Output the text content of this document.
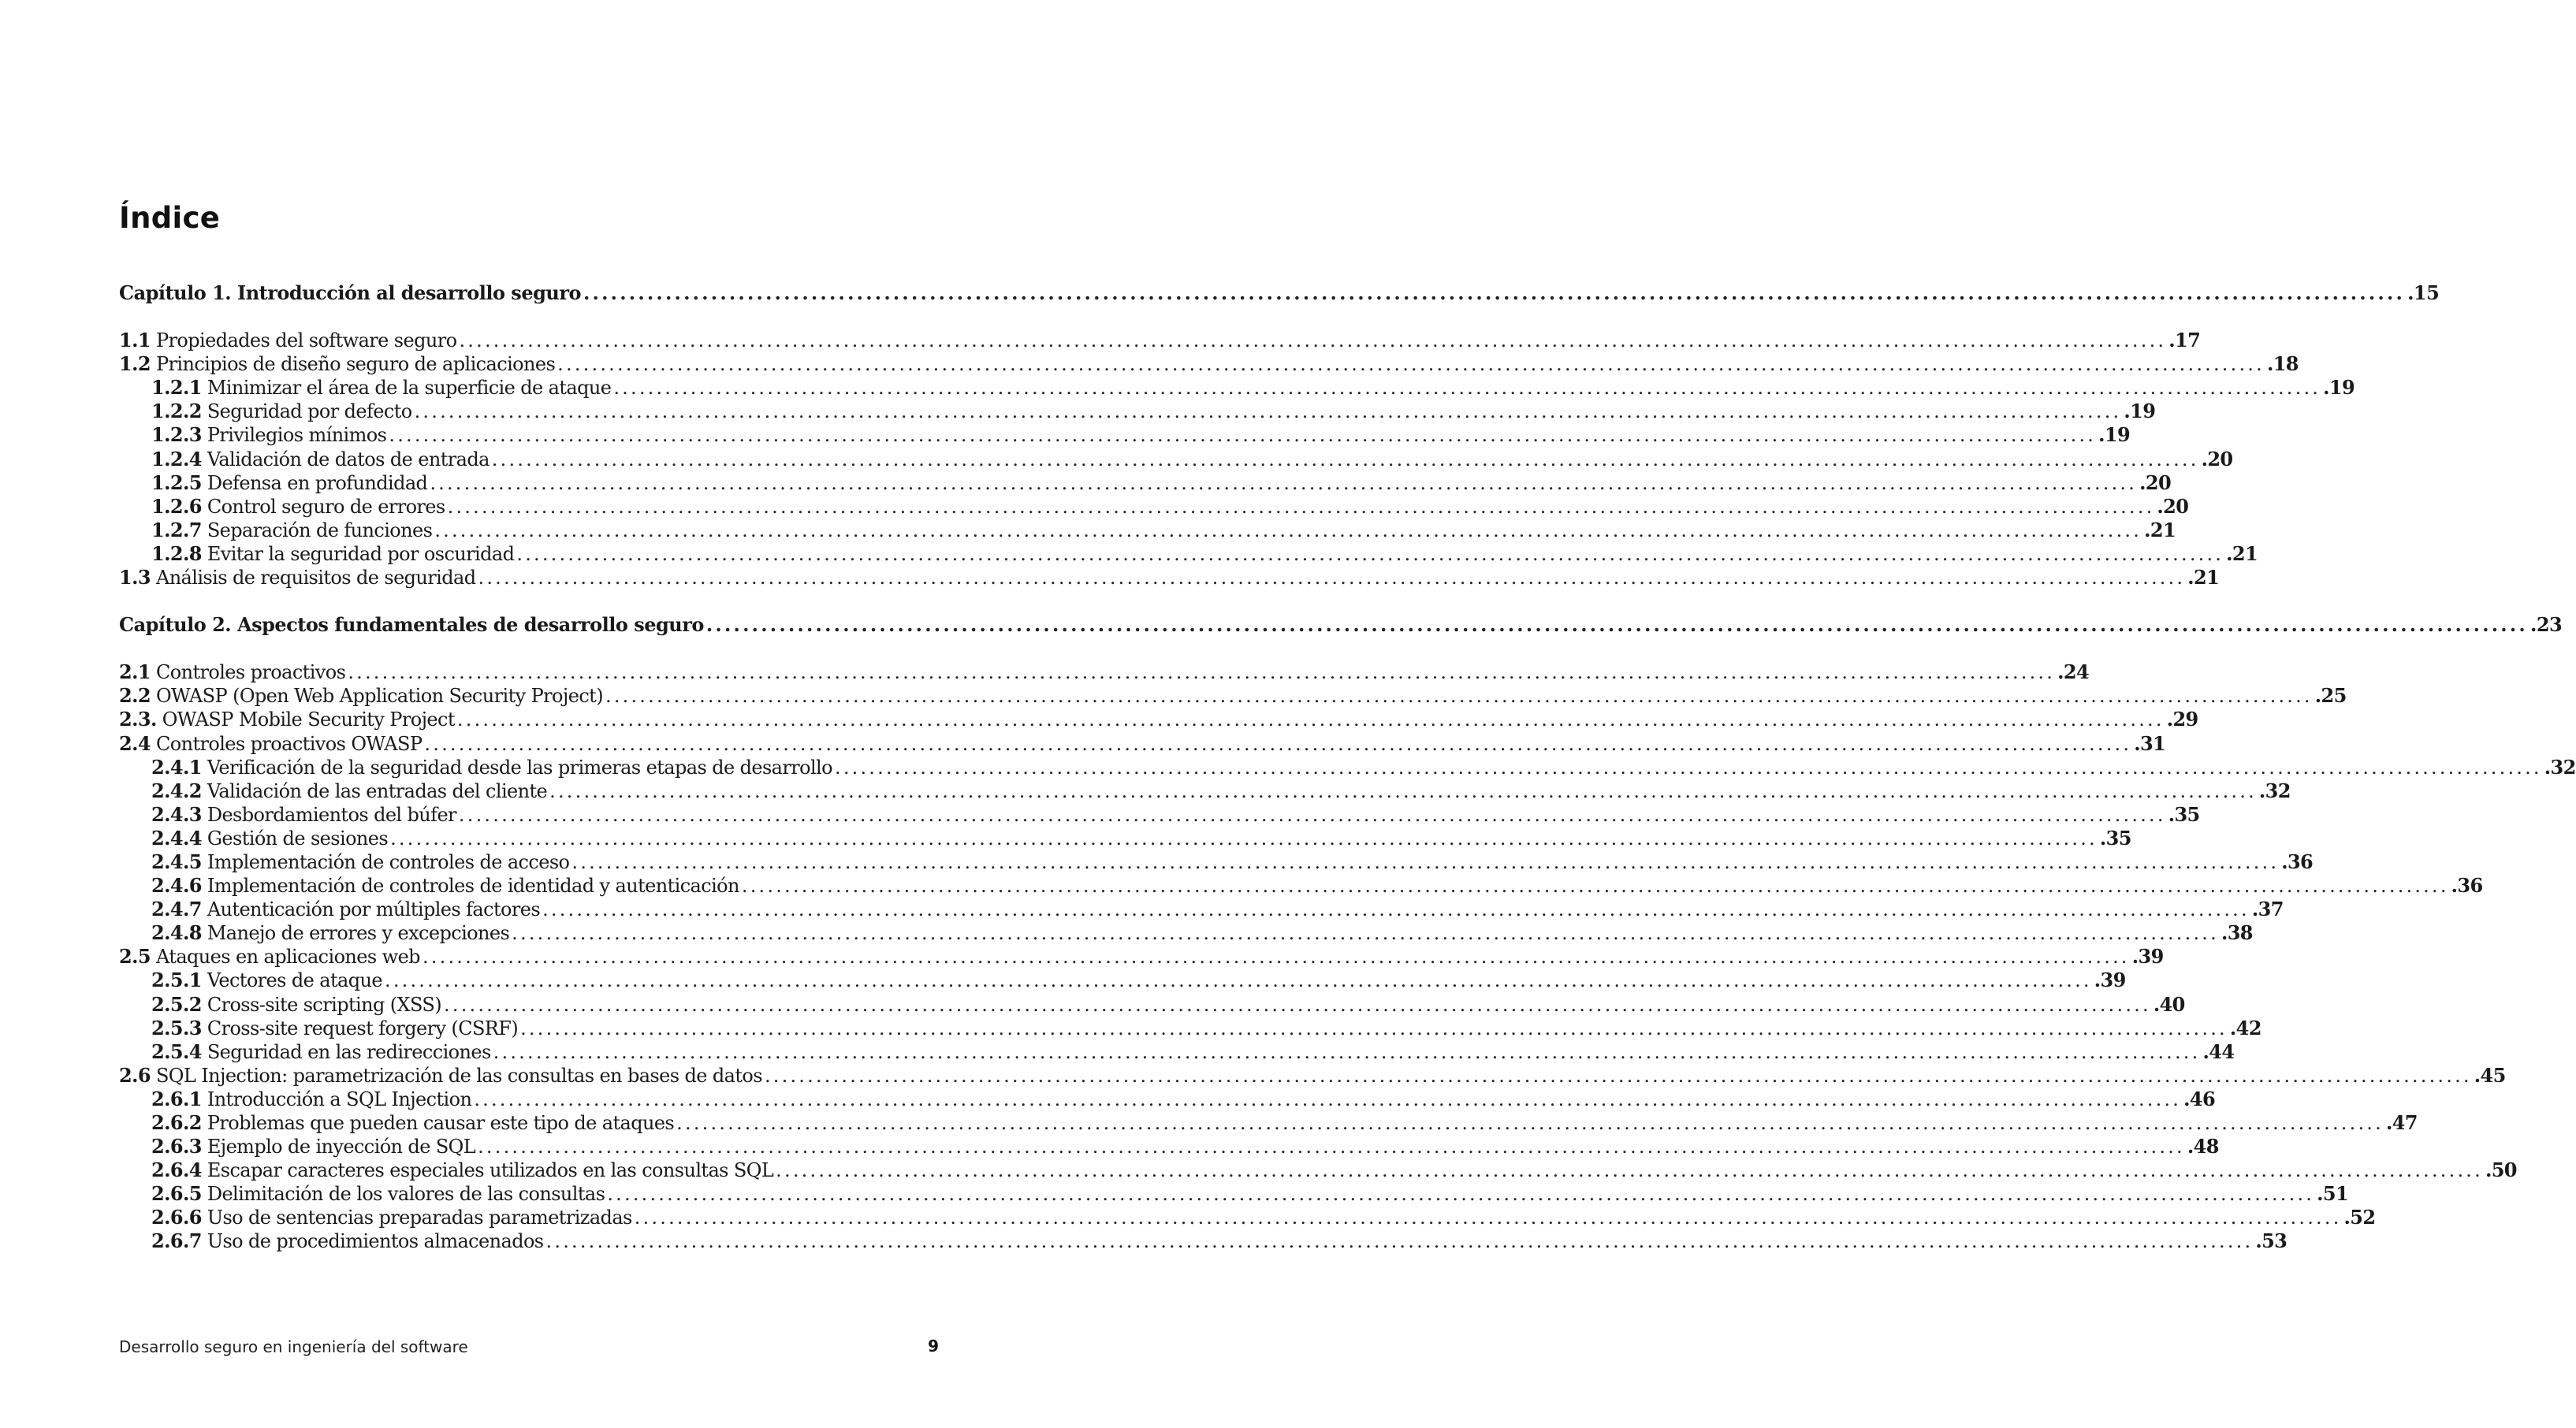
Índice
Capítulo 1. Introducción al desarrollo seguro ........................................................................................................................................................................................................ .15
1.1 Propiedades del software seguro ........................................................................................................................................................................................................ .17
1.2 Principios de diseño seguro de aplicaciones ........................................................................................................................................................................................................ .18
1.2.1 Minimizar el área de la superficie de ataque ........................................................................................................................................................................................................ .19
1.2.2 Seguridad por defecto ........................................................................................................................................................................................................ .19
1.2.3 Privilegios mínimos ........................................................................................................................................................................................................ .19
1.2.4 Validación de datos de entrada ........................................................................................................................................................................................................ .20
1.2.5 Defensa en profundidad ........................................................................................................................................................................................................ .20
1.2.6 Control seguro de errores ........................................................................................................................................................................................................ .20
1.2.7 Separación de funciones ........................................................................................................................................................................................................ .21
1.2.8 Evitar la seguridad por oscuridad ........................................................................................................................................................................................................ .21
1.3 Análisis de requisitos de seguridad ........................................................................................................................................................................................................ .21
Capítulo 2. Aspectos fundamentales de desarrollo seguro ........................................................................................................................................................................................................ .23
2.1 Controles proactivos ........................................................................................................................................................................................................ .24
2.2 OWASP (Open Web Application Security Project) ........................................................................................................................................................................................................ .25
2.3. OWASP Mobile Security Project ........................................................................................................................................................................................................ .29
2.4 Controles proactivos OWASP ........................................................................................................................................................................................................ .31
2.4.1 Verificación de la seguridad desde las primeras etapas de desarrollo ........................................................................................................................................................................................................ .32
2.4.2 Validación de las entradas del cliente ........................................................................................................................................................................................................ .32
2.4.3 Desbordamientos del búfer ........................................................................................................................................................................................................ .35
2.4.4 Gestión de sesiones ........................................................................................................................................................................................................ .35
2.4.5 Implementación de controles de acceso ........................................................................................................................................................................................................ .36
2.4.6 Implementación de controles de identidad y autenticación ........................................................................................................................................................................................................ .36
2.4.7 Autenticación por múltiples factores ........................................................................................................................................................................................................ .37
2.4.8 Manejo de errores y excepciones ........................................................................................................................................................................................................ .38
2.5 Ataques en aplicaciones web ........................................................................................................................................................................................................ .39
2.5.1 Vectores de ataque ........................................................................................................................................................................................................ .39
2.5.2 Cross-site scripting (XSS) ........................................................................................................................................................................................................ .40
2.5.3 Cross-site request forgery (CSRF) ........................................................................................................................................................................................................ .42
2.5.4 Seguridad en las redirecciones ........................................................................................................................................................................................................ .44
2.6 SQL Injection: parametrización de las consultas en bases de datos ........................................................................................................................................................................................................ .45
2.6.1 Introducción a SQL Injection ........................................................................................................................................................................................................ .46
2.6.2 Problemas que pueden causar este tipo de ataques ........................................................................................................................................................................................................ .47
2.6.3 Ejemplo de inyección de SQL ........................................................................................................................................................................................................ .48
2.6.4 Escapar caracteres especiales utilizados en las consultas SQL ........................................................................................................................................................................................................ .50
2.6.5 Delimitación de los valores de las consultas ........................................................................................................................................................................................................ .51
2.6.6 Uso de sentencias preparadas parametrizadas ........................................................................................................................................................................................................ .52
2.6.7 Uso de procedimientos almacenados ........................................................................................................................................................................................................ .53
Desarrollo seguro en ingeniería del software	9
